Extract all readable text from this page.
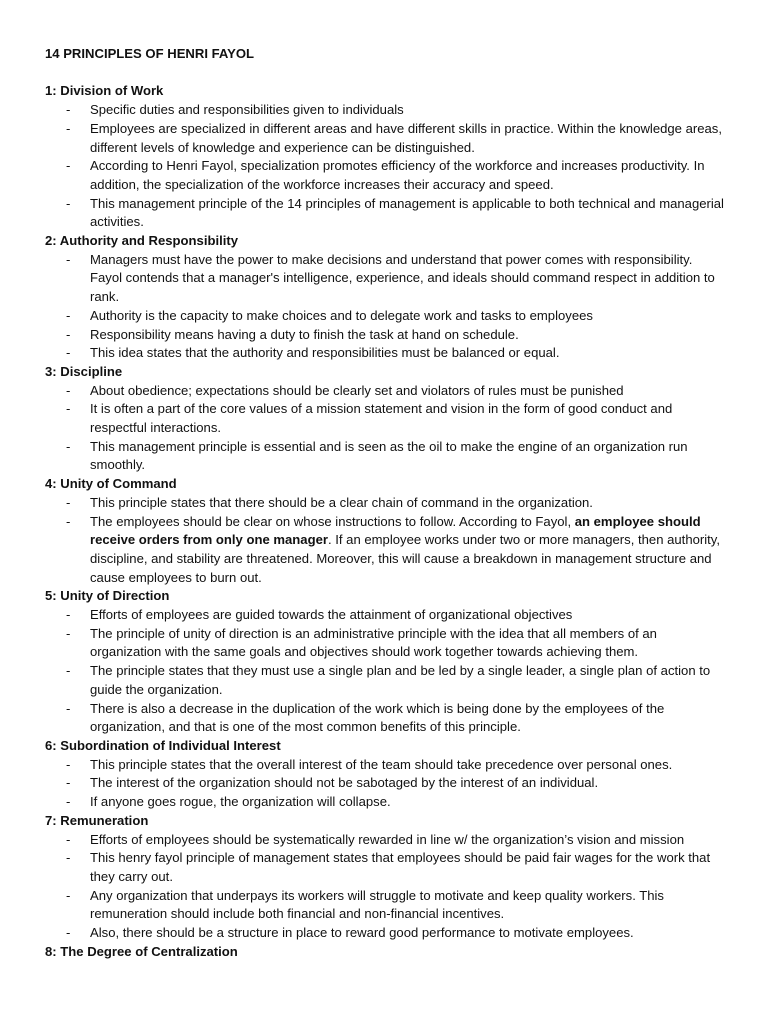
14 PRINCIPLES OF HENRI FAYOL
1: Division of Work
- Specific duties and responsibilities given to individuals
- Employees are specialized in different areas and have different skills in practice. Within the knowledge areas, different levels of knowledge and experience can be distinguished.
- According to Henri Fayol, specialization promotes efficiency of the workforce and increases productivity. In addition, the specialization of the workforce increases their accuracy and speed.
- This management principle of the 14 principles of management is applicable to both technical and managerial activities.
2: Authority and Responsibility
- Managers must have the power to make decisions and understand that power comes with responsibility. Fayol contends that a manager's intelligence, experience, and ideals should command respect in addition to rank.
- Authority is the capacity to make choices and to delegate work and tasks to employees
- Responsibility means having a duty to finish the task at hand on schedule.
- This idea states that the authority and responsibilities must be balanced or equal.
3: Discipline
- About obedience; expectations should be clearly set and violators of rules must be punished
- It is often a part of the core values of a mission statement and vision in the form of good conduct and respectful interactions.
- This management principle is essential and is seen as the oil to make the engine of an organization run smoothly.
4: Unity of Command
- This principle states that there should be a clear chain of command in the organization.
- The employees should be clear on whose instructions to follow. According to Fayol, an employee should receive orders from only one manager. If an employee works under two or more managers, then authority, discipline, and stability are threatened. Moreover, this will cause a breakdown in management structure and cause employees to burn out.
5: Unity of Direction
- Efforts of employees are guided towards the attainment of organizational objectives
- The principle of unity of direction is an administrative principle with the idea that all members of an organization with the same goals and objectives should work together towards achieving them.
- The principle states that they must use a single plan and be led by a single leader, a single plan of action to guide the organization.
- There is also a decrease in the duplication of the work which is being done by the employees of the organization, and that is one of the most common benefits of this principle.
6: Subordination of Individual Interest
- This principle states that the overall interest of the team should take precedence over personal ones.
- The interest of the organization should not be sabotaged by the interest of an individual.
- If anyone goes rogue, the organization will collapse.
7: Remuneration
- Efforts of employees should be systematically rewarded in line w/ the organization’s vision and mission
- This henry fayol principle of management states that employees should be paid fair wages for the work that they carry out.
- Any organization that underpays its workers will struggle to motivate and keep quality workers. This remuneration should include both financial and non-financial incentives.
- Also, there should be a structure in place to reward good performance to motivate employees.
8: The Degree of Centralization
